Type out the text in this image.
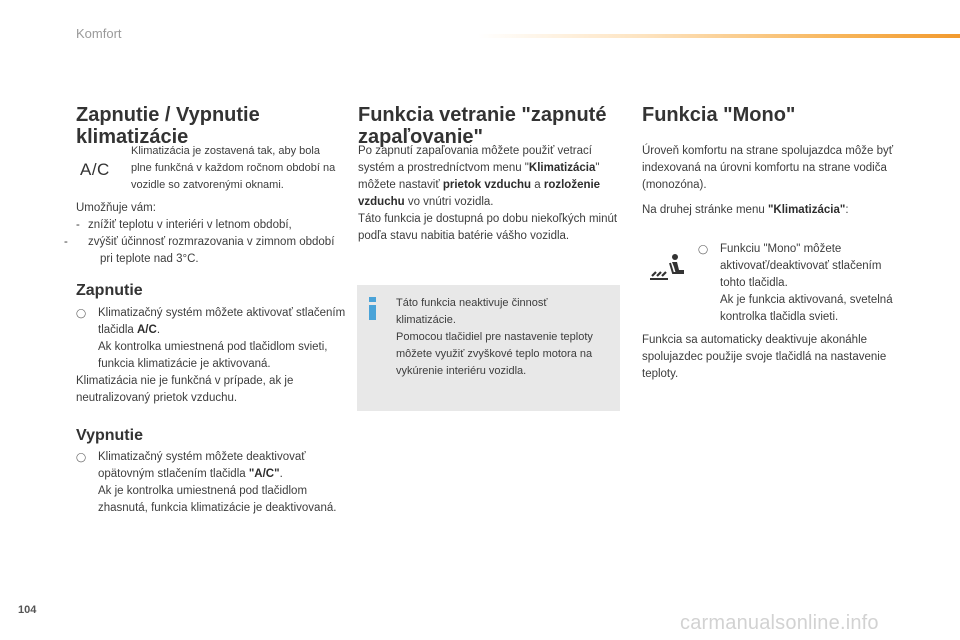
Komfort
Zapnutie / Vypnutie
klimatizácie
A/C

Klimatizácia je zostavená tak, aby bola plne funkčná v každom ročnom období na vozidle so zatvorenými oknami.

Umožňuje vám:

- znížiť teplotu v interiéri v letnom období,
- zvýšiť účinnosť rozmrazovania v zimnom období pri teplote nad 3°C.
Zapnutie
◯ Klimatizačný systém môžete aktivovať stlačením tlačidla A/C.

Ak kontrolka umiestnená pod tlačidlom svieti, funkcia klimatizácie je aktivovaná.

Klimatizácia nie je funkčná v prípade, ak je neutralizovaný prietok vzduchu.

Vypnutie
◯ Klimatizačný systém môžete deaktivovať opätovným stlačením tlačidla "A/C".

Ak je kontrolka umiestnená pod tlačidlom zhasnutá, funkcia klimatizácie je deaktivovaná.

Funkcia vetranie "zapnuté
zapaľovanie"

Po zapnutí zapaľovania môžete použiť vetrací systém a prostredníctvom menu "Klimatizácia" môžete nastaviť prietok vzduchu a rozloženie vzduchu vo vnútri vozidla.

Táto funkcia je dostupná po dobu niekoľkých minút podľa stavu nabitia batérie vášho vozidla.

Táto funkcia neaktivuje činnosť klimatizácie.

Pomocou tlačidiel pre nastavenie teploty môžete využiť zvyškové teplo motora na vykúrenie interiéru vozidla.

Funkcia "Mono"

Úroveň komfortu na strane spolujazdca môže byť indexovaná na úrovni komfortu na strane vodiča (monozóna).

Na druhej stránke menu "Klimatizácia":

◯ Funkciu "Mono" môžete aktivovať/deaktivovať stlačením tohto tlačidla.

Ak je funkcia aktivovaná, svetelná kontrolka tlačidla svieti.

Funkcia sa automaticky deaktivuje akonáhle spolujazdec použije svoje tlačidlá na nastavenie teploty.

104
carmanualsonline.info
